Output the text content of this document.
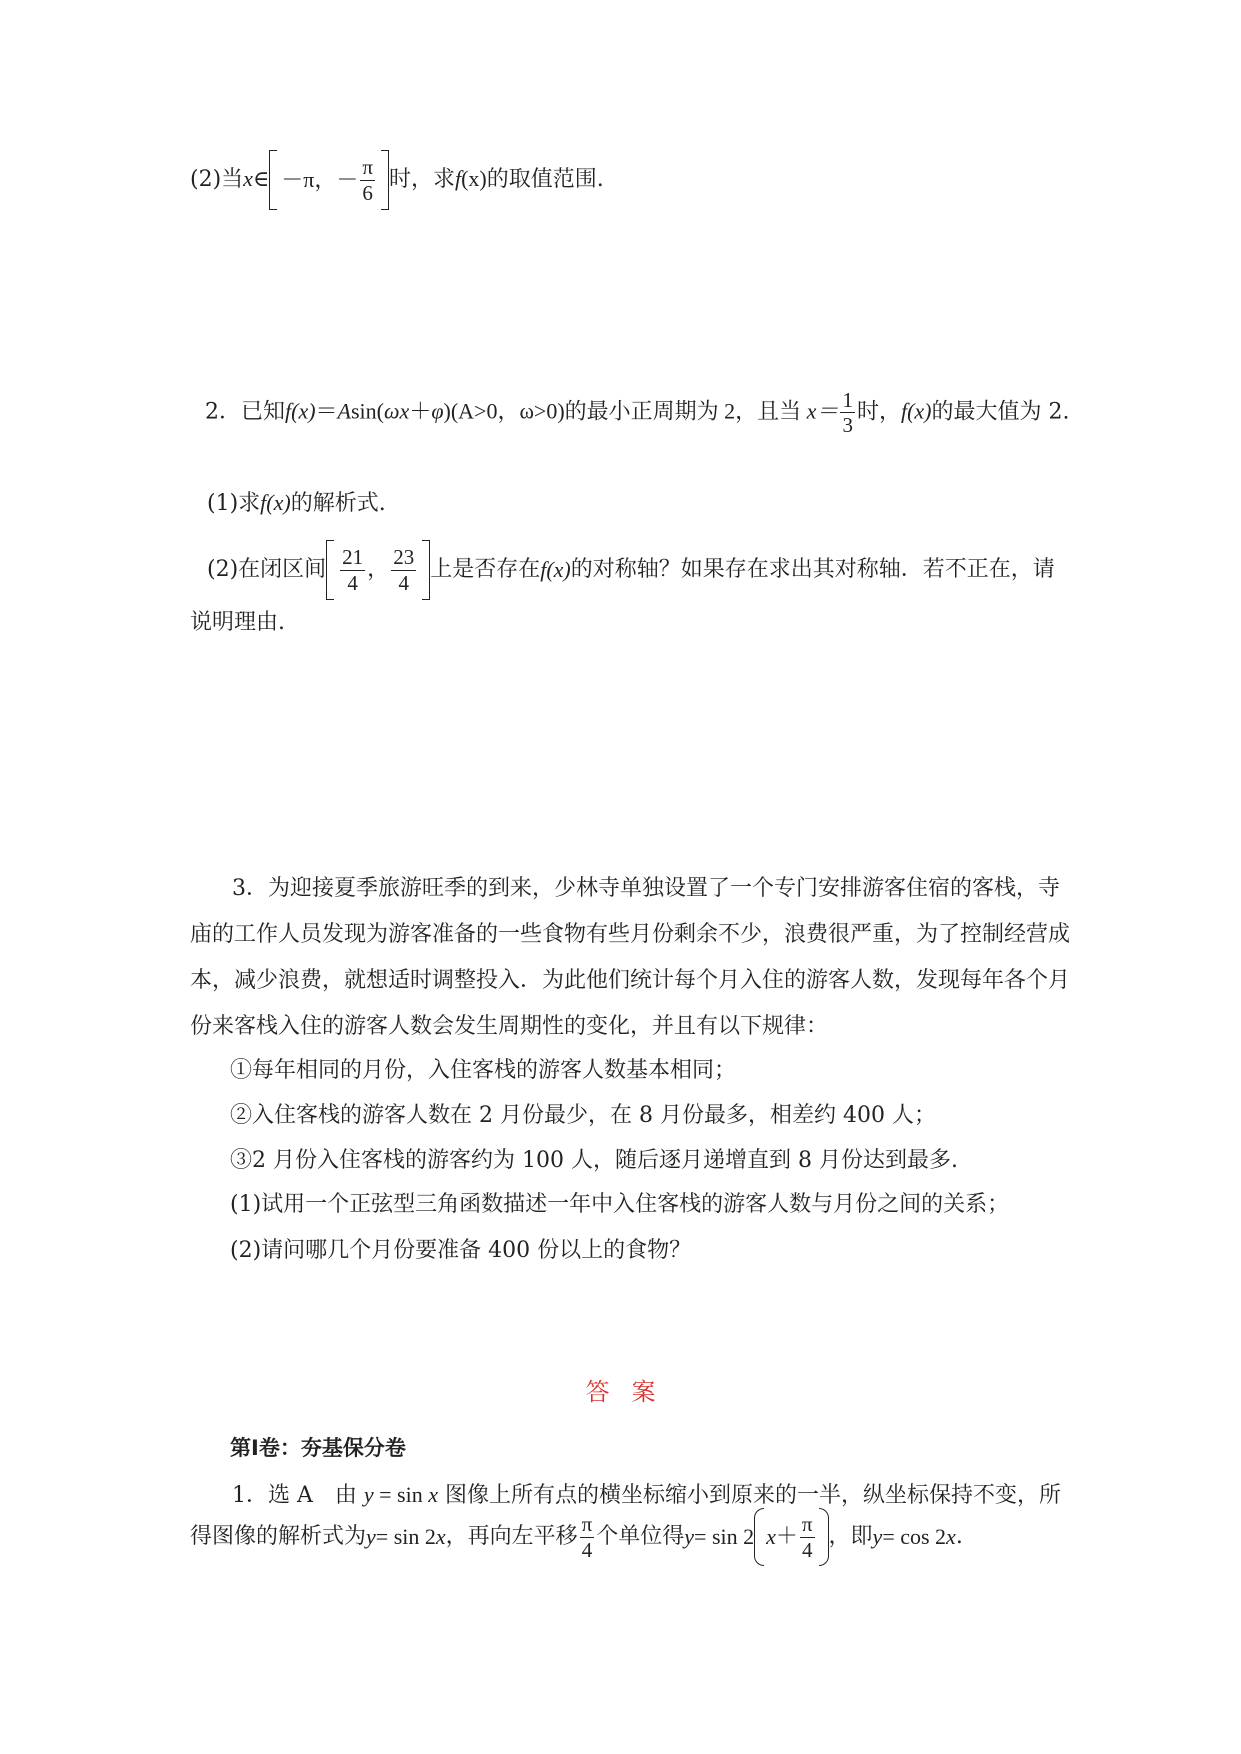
(2)当x∈ －π，－ $\frac{\pi}{6}$ 时，求f(x)的取值范围.
2．已知f(x)＝Asin(ωx＋φ)(A>0，ω>0)的最小正周期为 2，且当 $x= \frac{1}{3}$ 时，f(x)的最大值为 2.
(1)求f(x)的解析式.
(2)在闭区间 $\frac{21}{4}$ ， $\frac{23}{4}$ 上是否存在f(x)的对称轴？如果存在求出其对称轴．若不正在，请
说明理由.
3．为迎接夏季旅游旺季的到来，少林寺单独设置了一个专门安排游客住宿的客栈，寺
庙的工作人员发现为游客准备的一些食物有些月份剩余不少，浪费很严重，为了控制经营成
本，减少浪费，就想适时调整投入．为此他们统计每个月入住的游客人数，发现每年各个月
份来客栈入住的游客人数会发生周期性的变化，并且有以下规律：
①每年相同的月份，入住客栈的游客人数基本相同；
②入住客栈的游客人数在 2 月份最少，在 8 月份最多，相差约 400 人；
③2 月份入住客栈的游客约为 100 人，随后逐月递增直到 8 月份达到最多.
(1)试用一个正弦型三角函数描述一年中入住客栈的游客人数与月份之间的关系；
(2)请问哪几个月份要准备 400 份以上的食物？
答案
第Ⅰ卷：夯基保分卷
1．选 A　由 y = sin x 图像上所有点的横坐标缩小到原来的一半，纵坐标保持不变，所
得图像的解析式为y= sin 2x，再向左平移 $\frac{\pi}{4}$ 个单位得y= sin 2 $x+ \frac{\pi}{4}$ ，即y= cos 2x.
